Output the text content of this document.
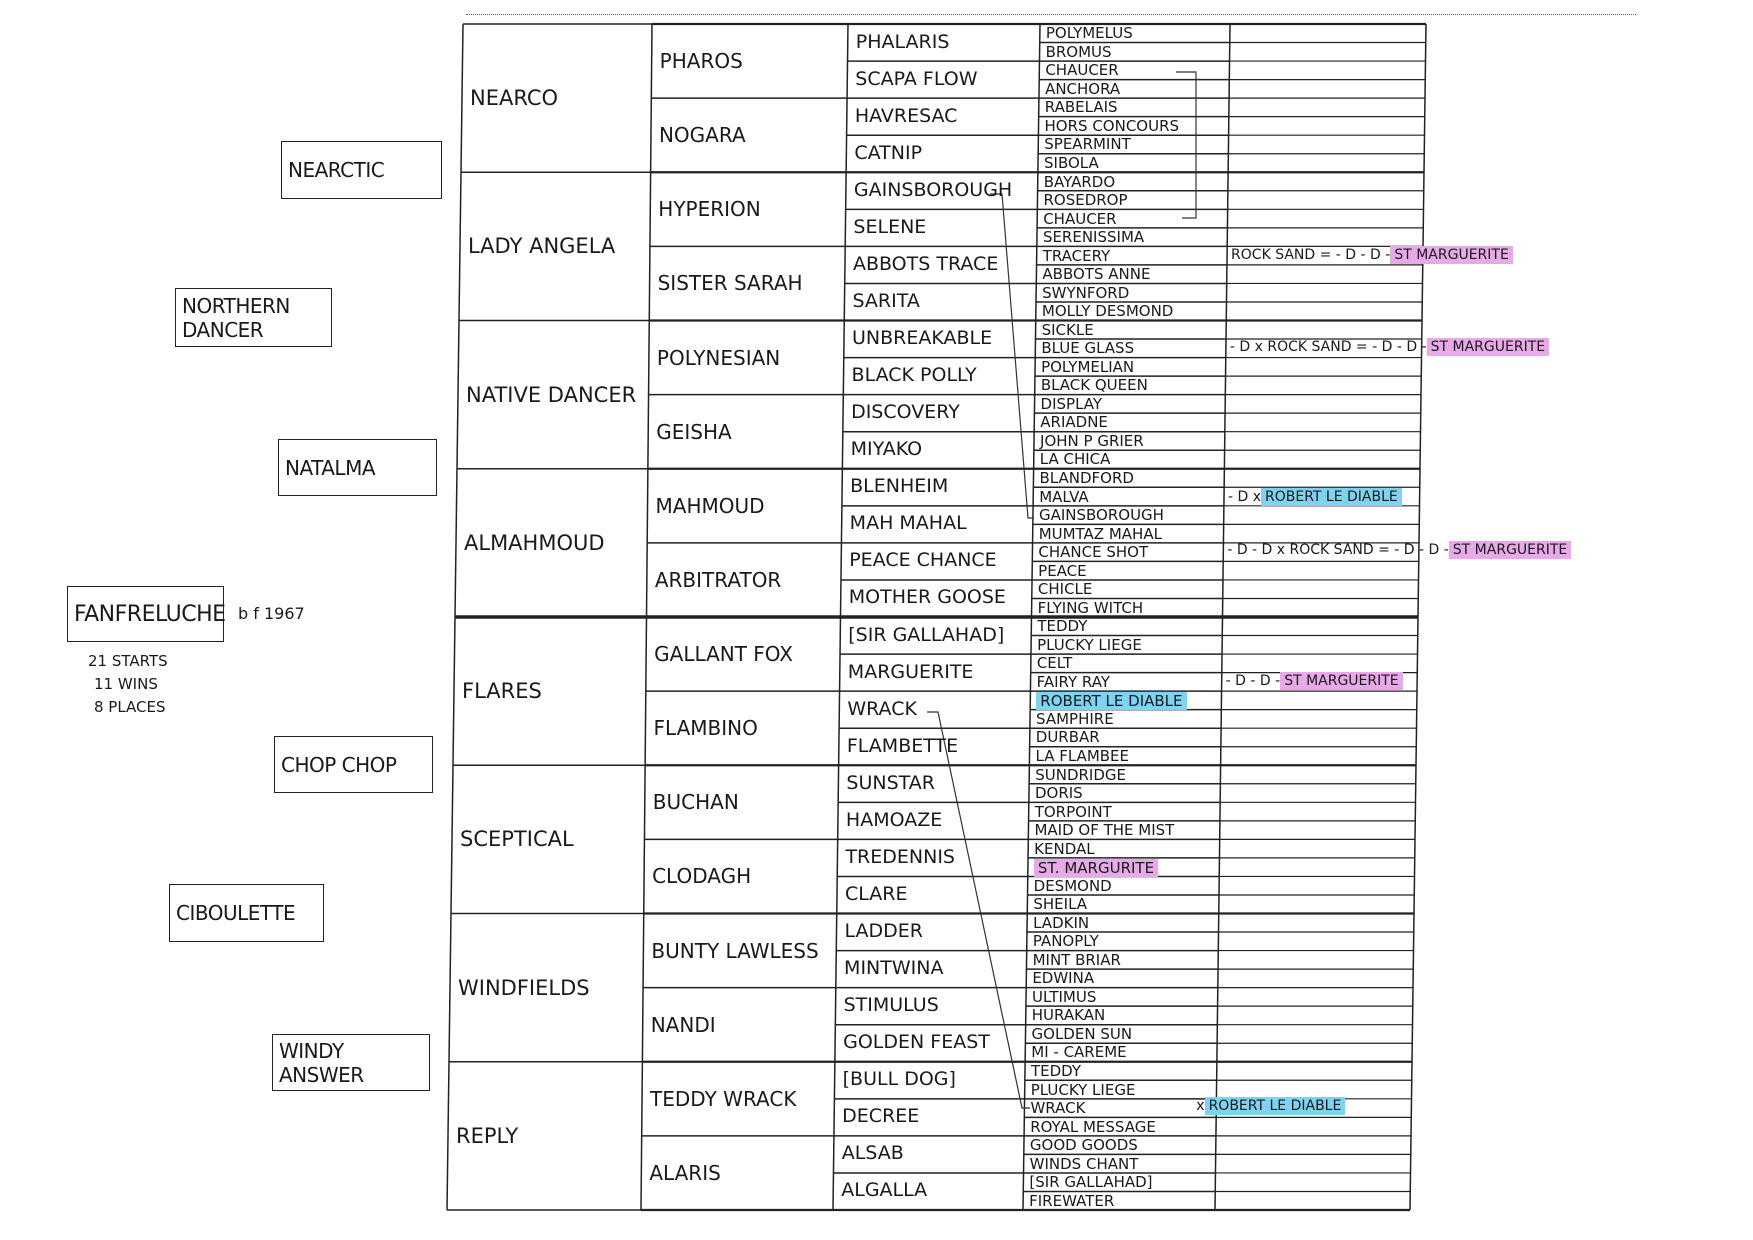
NEARCTIC
NORTHERN DANCER
NATALMA
FANFRELUCHE b f 1967
21 STARTS
11 WINS
8 PLACES
CHOP CHOP
CIBOULETTE
WINDY ANSWER
NEARCO
LADY ANGELA
NATIVE DANCER
ALMAHMOUD
FLARES
SCEPTICAL
WINDFIELDS
REPLY
PHAROS
NOGARA
HYPERION
SISTER SARAH
POLYNESIAN
GEISHA
MAHMOUD
ARBITRATOR
GALLANT FOX
FLAMBINO
BUCHAN
CLODAGH
BUNTY LAWLESS
NANDI
TEDDY WRACK
ALARIS
PHALARIS
SCAPA FLOW
HAVRESAC
CATNIP
GAINSBOROUGH
SELENE
ABBOTS TRACE
SARITA
UNBREAKABLE
BLACK POLLY
DISCOVERY
MIYAKO
BLENHEIM
MAH MAHAL
PEACE CHANCE
MOTHER GOOSE
[SIR GALLAHAD]
MARGUERITE
WRACK
FLAMBETTE
SUNSTAR
HAMOAZE
TREDENNIS
CLARE
LADDER
MINTWINA
STIMULUS
GOLDEN FEAST
[BULL DOG]
DECREE
ALSAB
ALGALLA
POLYMELUS
BROMUS
CHAUCER
ANCHORA
RABELAIS
HORS CONCOURS
SPEARMINT
SIBOLA
BAYARDO
ROSEDROP
CHAUCER
SERENISSIMA
TRACERY
ABBOTS ANNE
SWYNFORD
MOLLY DESMOND
SICKLE
BLUE GLASS
POLYMELIAN
BLACK QUEEN
DISPLAY
ARIADNE
JOHN P GRIER
LA CHICA
BLANDFORD
MALVA
GAINSBOROUGH
MUMTAZ MAHAL
CHANCE SHOT
PEACE
CHICLE
FLYING WITCH
TEDDY
PLUCKY LIEGE
CELT
FAIRY RAY
ROBERT LE DIABLE
SAMPHIRE
DURBAR
LA FLAMBEE
SUNDRIDGE
DORIS
TORPOINT
MAID OF THE MIST
KENDAL
ST. MARGURITE
DESMOND
SHEILA
LADKIN
PANOPLY
MINT BRIAR
EDWINA
ULTIMUS
HURAKAN
GOLDEN SUN
MI - CAREME
TEDDY
PLUCKY LIEGE
WRACK
ROYAL MESSAGE
GOOD GOODS
WINDS CHANT
[SIR GALLAHAD]
FIREWATER
ROCK SAND = - D - D - ST MARGUERITE
- D x ROCK SAND = - D - D - ST MARGUERITE
- D x ROBERT LE DIABLE
- D - D x ROCK SAND = - D - D - ST MARGUERITE
- D - D - ST MARGUERITE
x ROBERT LE DIABLE
